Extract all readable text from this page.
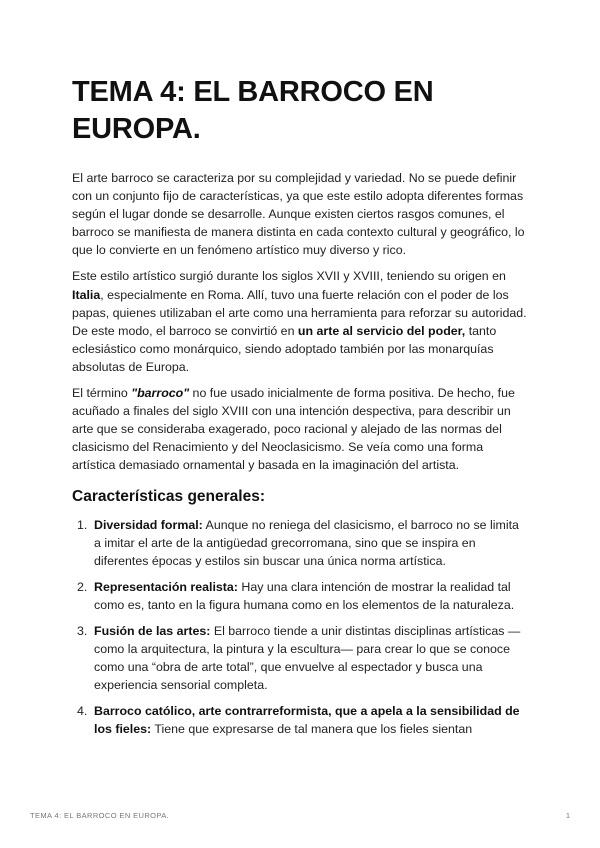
TEMA 4: EL BARROCO EN EUROPA.

El arte barroco se caracteriza por su complejidad y variedad. No se puede definir con un conjunto fijo de características, ya que este estilo adopta diferentes formas según el lugar donde se desarrolle. Aunque existen ciertos rasgos comunes, el barroco se manifiesta de manera distinta en cada contexto cultural y geográfico, lo que lo convierte en un fenómeno artístico muy diverso y rico.

Este estilo artístico surgió durante los siglos XVII y XVIII, teniendo su origen en Italia, especialmente en Roma. Allí, tuvo una fuerte relación con el poder de los papas, quienes utilizaban el arte como una herramienta para reforzar su autoridad. De este modo, el barroco se convirtió en un arte al servicio del poder, tanto eclesiástico como monárquico, siendo adoptado también por las monarquías absolutas de Europa.

El término "barroco" no fue usado inicialmente de forma positiva. De hecho, fue acuñado a finales del siglo XVIII con una intención despectiva, para describir un arte que se consideraba exagerado, poco racional y alejado de las normas del clasicismo del Renacimiento y del Neoclasicismo. Se veía como una forma artística demasiado ornamental y basada en la imaginación del artista.

Características generales:
1. Diversidad formal: Aunque no reniega del clasicismo, el barroco no se limita a imitar el arte de la antigüedad grecorromana, sino que se inspira en diferentes épocas y estilos sin buscar una única norma artística.
2. Representación realista: Hay una clara intención de mostrar la realidad tal como es, tanto en la figura humana como en los elementos de la naturaleza.
3. Fusión de las artes: El barroco tiende a unir distintas disciplinas artísticas —como la arquitectura, la pintura y la escultura— para crear lo que se conoce como una “obra de arte total”, que envuelve al espectador y busca una experiencia sensorial completa.
4. Barroco católico, arte contrarreformista, que a apela a la sensibilidad de los fieles: Tiene que expresarse de tal manera que los fieles sientan
TEMA 4: EL BARROCO EN EUROPA.	1
